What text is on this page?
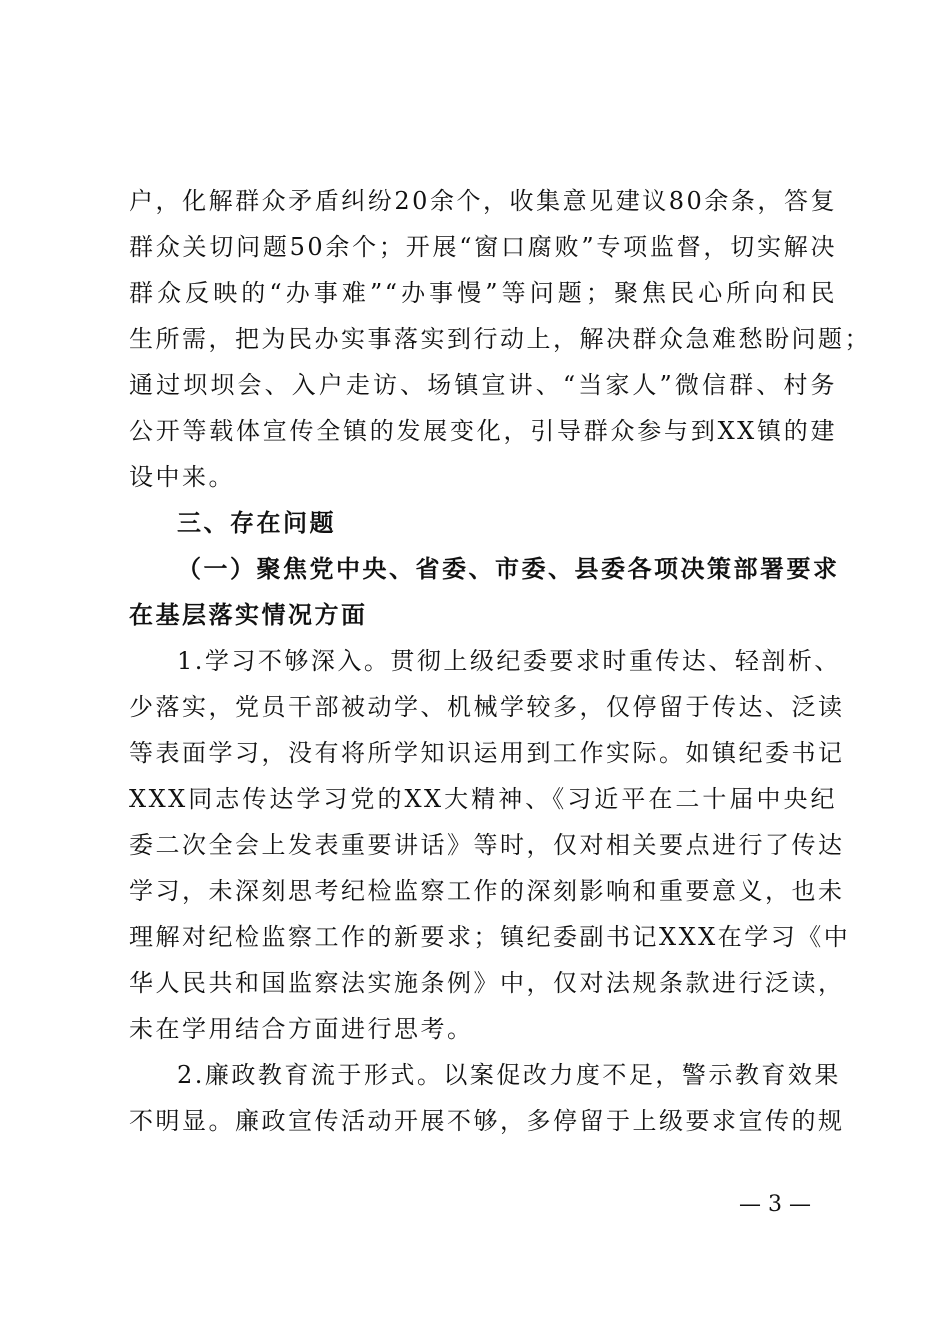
户，化解群众矛盾纠纷20余个，收集意见建议80余条，答复
群众关切问题50余个；开展“窗口腐败”专项监督，切实解决
群众反映的“办事难”“办事慢”等问题；聚焦民心所向和民
生所需，把为民办实事落实到行动上，解决群众急难愁盼问题；
通过坝坝会、入户走访、场镇宣讲、“当家人”微信群、村务
公开等载体宣传全镇的发展变化，引导群众参与到XX镇的建
设中来。
三、存在问题
（一）聚焦党中央、省委、市委、县委各项决策部署要求
在基层落实情况方面
1.学习不够深入。贯彻上级纪委要求时重传达、轻剖析、
少落实，党员干部被动学、机械学较多，仅停留于传达、泛读
等表面学习，没有将所学知识运用到工作实际。如镇纪委书记
XXX同志传达学习党的XX大精神、《习近平在二十届中央纪
委二次全会上发表重要讲话》等时，仅对相关要点进行了传达
学习，未深刻思考纪检监察工作的深刻影响和重要意义，也未
理解对纪检监察工作的新要求；镇纪委副书记XXX在学习《中
华人民共和国监察法实施条例》中，仅对法规条款进行泛读，
未在学用结合方面进行思考。
2.廉政教育流于形式。以案促改力度不足，警示教育效果
不明显。廉政宣传活动开展不够，多停留于上级要求宣传的规
— 3 —
